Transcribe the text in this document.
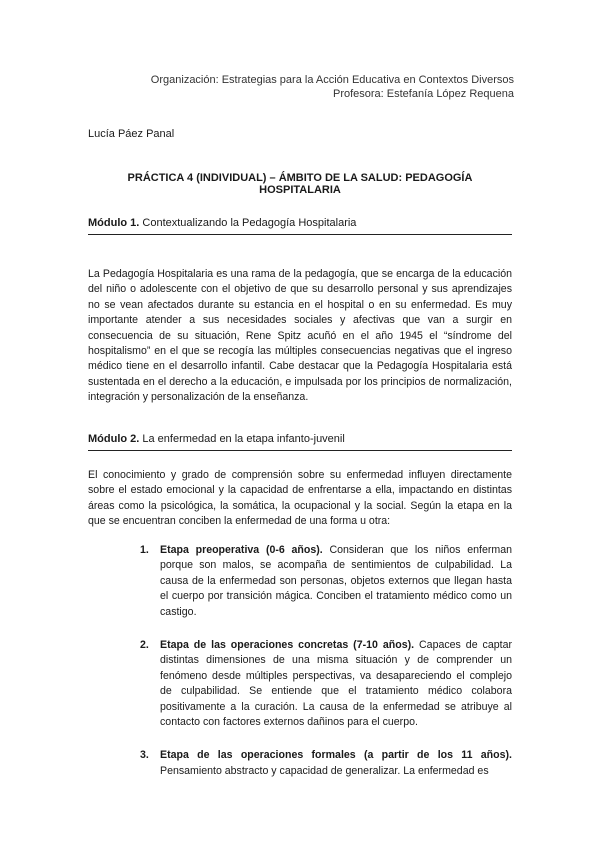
Organización: Estrategias para la Acción Educativa en Contextos Diversos
Profesora: Estefanía López Requena
Lucía Páez Panal
PRÁCTICA 4 (INDIVIDUAL) – ÁMBITO DE LA SALUD: PEDAGOGÍA HOSPITALARIA
Módulo 1. Contextualizando la Pedagogía Hospitalaria
La Pedagogía Hospitalaria es una rama de la pedagogía, que se encarga de la educación del niño o adolescente con el objetivo de que su desarrollo personal y sus aprendizajes no se vean afectados durante su estancia en el hospital o en su enfermedad. Es muy importante atender a sus necesidades sociales y afectivas que van a surgir en consecuencia de su situación, Rene Spitz acuñó en el año 1945 el “síndrome del hospitalismo” en el que se recogía las múltiples consecuencias negativas que el ingreso médico tiene en el desarrollo infantil. Cabe destacar que la Pedagogía Hospitalaria está sustentada en el derecho a la educación, e impulsada por los principios de normalización, integración y personalización de la enseñanza.
Módulo 2. La enfermedad en la etapa infanto-juvenil
El conocimiento y grado de comprensión sobre su enfermedad influyen directamente sobre el estado emocional y la capacidad de enfrentarse a ella, impactando en distintas áreas como la psicológica, la somática, la ocupacional y la social. Según la etapa en la que se encuentran conciben la enfermedad de una forma u otra:
1. Etapa preoperativa (0-6 años). Consideran que los niños enferman porque son malos, se acompaña de sentimientos de culpabilidad. La causa de la enfermedad son personas, objetos externos que llegan hasta el cuerpo por transición mágica. Conciben el tratamiento médico como un castigo.
2. Etapa de las operaciones concretas (7-10 años). Capaces de captar distintas dimensiones de una misma situación y de comprender un fenómeno desde múltiples perspectivas, va desapareciendo el complejo de culpabilidad. Se entiende que el tratamiento médico colabora positivamente a la curación. La causa de la enfermedad se atribuye al contacto con factores externos dañinos para el cuerpo.
3. Etapa de las operaciones formales (a partir de los 11 años). Pensamiento abstracto y capacidad de generalizar. La enfermedad es
